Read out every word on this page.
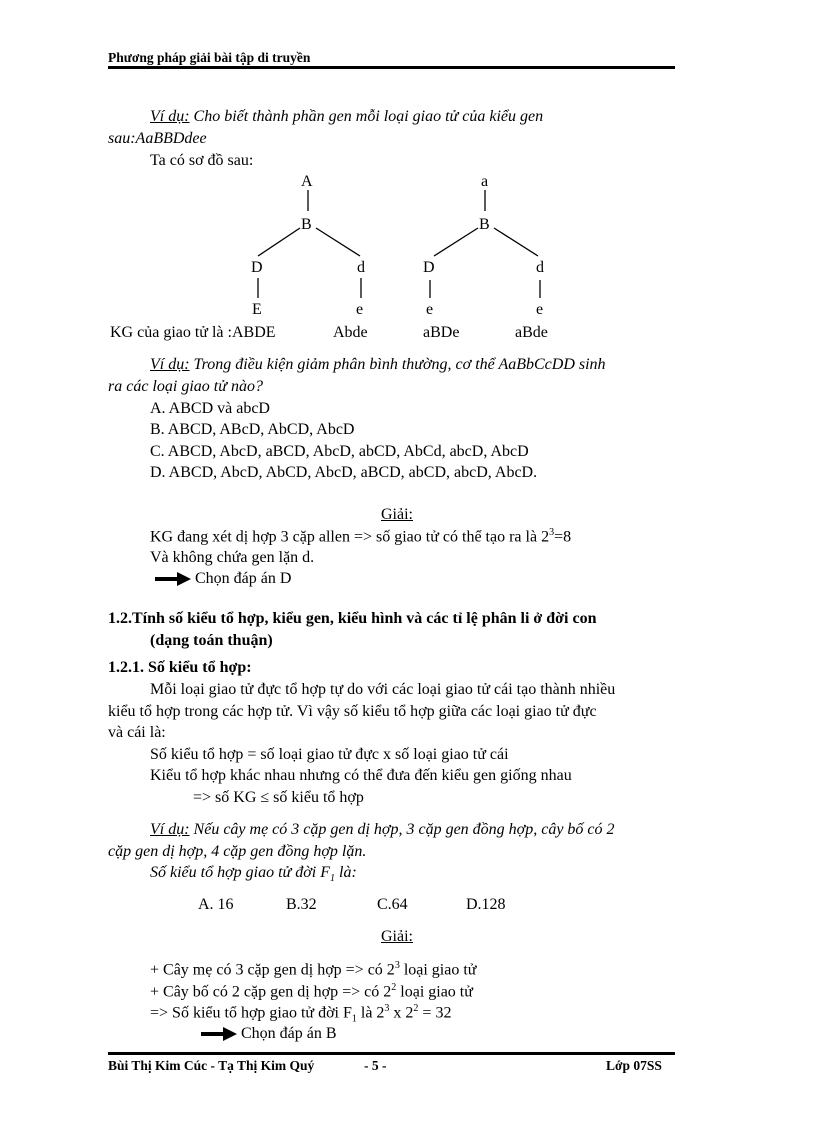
Phương pháp giải bài tập di truyền
Ví dụ: Cho biết thành phần gen mỗi loại giao tử của kiểu gen
sau:AaBBDdee
Ta có sơ đồ sau:
A
B
D	d
E	e
a
B
D	d
e	e
KG của giao tử là :ABDE	Abde	aBDe	aBde
Ví dụ: Trong điều kiện giảm phân bình thường, cơ thể AaBbCcDD sinh
ra các loại giao tử nào?
A. ABCD và abcD
B. ABCD, ABcD, AbCD, AbcD
C. ABCD, AbcD, aBCD, AbcD, abCD, AbCd, abcD, AbcD
D. ABCD, AbcD, AbCD, AbcD, aBCD, abCD, abcD, AbcD.
Giải:
KG đang xét dị hợp 3 cặp allen => số giao tử có thể tạo ra là $2^3=8$
Và không chứa gen lặn d.
Chọn đáp án D
1.2.Tính số kiểu tổ hợp, kiểu gen, kiểu hình và các tỉ lệ phân li ở đời con
(dạng toán thuận)
1.2.1. Số kiểu tổ hợp:
Mỗi loại giao tử đực tổ hợp tự do với các loại giao tử cái tạo thành nhiều
kiểu tổ hợp trong các hợp tử. Vì vậy số kiểu tổ hợp giữa các loại giao tử đực
và cái là:
Số kiểu tổ hợp = số loại giao tử đực x số loại giao tử cái
Kiểu tổ hợp khác nhau nhưng có thể đưa đến kiểu gen giống nhau
=> số KG ≤ số kiểu tổ hợp
Ví dụ: Nếu cây mẹ có 3 cặp gen dị hợp, 3 cặp gen đồng hợp, cây bố có 2
cặp gen dị hợp, 4 cặp gen đồng hợp lặn.
Số kiểu tổ hợp giao tử đời $F_1$ là:
A. 16	B.32	C.64	D.128
Giải:
+ Cây mẹ có 3 cặp gen dị hợp => có $2^3$ loại giao tử
+ Cây bố có 2 cặp gen dị hợp => có $2^2$ loại giao tử
=> Số kiểu tổ hợp giao tử đời $F_1$ là $2^3$ x $2^2 = 32$
Chọn đáp án B
Bùi Thị Kim Cúc - Tạ Thị Kim Quý	- 5 -	Lớp 07SS
